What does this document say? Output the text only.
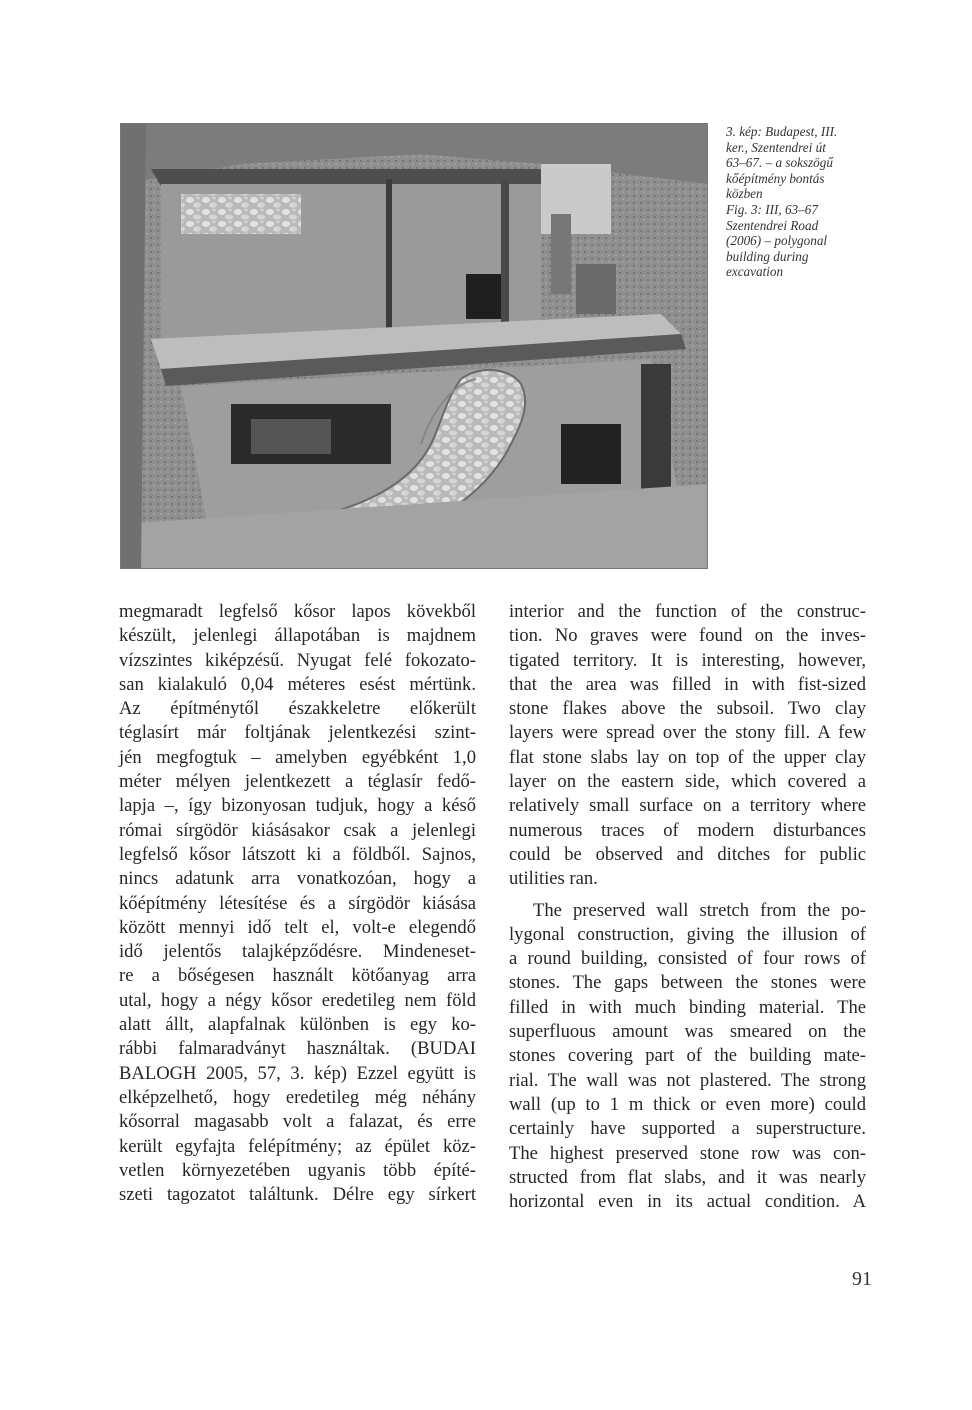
3. kép: Budapest, III.
ker., Szentendrei út
63–67. – a sokszögű
kőépítmény bontás
közben
Fig. 3: III, 63–67
Szentendrei Road
(2006) – polygonal
building during
excavation
megmaradt legfelső kősor lapos kövekből
készült, jelenlegi állapotában is majdnem
vízszintes kiképzésű. Nyugat felé fokozato-
san kialakuló 0,04 méteres esést mértünk.
Az építménytől északkeletre előkerült
téglasírt már foltjának jelentkezési szint-
jén megfogtuk – amelyben egyébként 1,0
méter mélyen jelentkezett a téglasír fedő-
lapja –, így bizonyosan tudjuk, hogy a késő
római sírgödör kiásásakor csak a jelenlegi
legfelső kősor látszott ki a földből. Sajnos,
nincs adatunk arra vonatkozóan, hogy a
kőépítmény létesítése és a sírgödör kiásása
között mennyi idő telt el, volt-e elegendő
idő jelentős talajképződésre. Mindeneset-
re a bőségesen használt kötőanyag arra
utal, hogy a négy kősor eredetileg nem föld
alatt állt, alapfalnak különben is egy ko-
rábbi falmaradványt használtak. (BUDAI
BALOGH 2005, 57, 3. kép) Ezzel együtt is
elképzelhető, hogy eredetileg még néhány
kősorral magasabb volt a falazat, és erre
került egyfajta felépítmény; az épület köz-
vetlen környezetében ugyanis több építé-
szeti tagozatot találtunk. Délre egy sírkert
interior and the function of the construc-
tion. No graves were found on the inves-
tigated territory. It is interesting, however,
that the area was filled in with fist-sized
stone flakes above the subsoil. Two clay
layers were spread over the stony fill. A few
flat stone slabs lay on top of the upper clay
layer on the eastern side, which covered a
relatively small surface on a territory where
numerous traces of modern disturbances
could be observed and ditches for public
utilities ran.
The preserved wall stretch from the po-
lygonal construction, giving the illusion of
a round building, consisted of four rows of
stones. The gaps between the stones were
filled in with much binding material. The
superfluous amount was smeared on the
stones covering part of the building mate-
rial. The wall was not plastered. The strong
wall (up to 1 m thick or even more) could
certainly have supported a superstructure.
The highest preserved stone row was con-
structed from flat slabs, and it was nearly
horizontal even in its actual condition. A
91
